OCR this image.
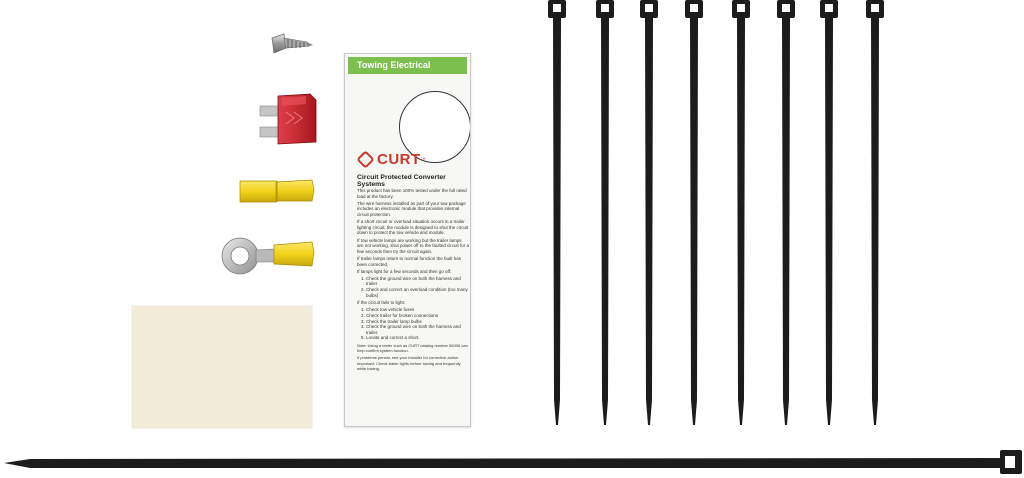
Towing Electrical
CURT ™
Circuit Protected Converter Systems

This product has been 100% tested under the full rated load at the factory.

The wire harness installed as part of your tow package includes an electronic module that provides internal circuit protection.

If a short circuit or overload situation occurs in a trailer lighting circuit, the module is designed to shut the circuit down to protect the tow vehicle and module.

If tow vehicle lamps are working but the trailer lamps are not working, shut power off to the faulted circuit for a few seconds then try the circuit again.

If trailer lamps return to normal function the fault has been corrected.

If lamps light for a few seconds and then go off:

1. Check the ground wire on both the harness and trailer
2. Check and correct an overload condition (too many bulbs)

If the circuit fails to light:

1. Check tow vehicle fuses
2. Check trailer for broken connections
3. Check the trailer lamp bulbs
4. Check the ground wire on both the harness and trailer.
5. Locate and correct a short.

Note: Using a tester such as CURT catalog number 56006 can help confirm system function.

If problems persist, see your installer for corrective action.

Important: Check trailer lights before towing and frequently while towing.
